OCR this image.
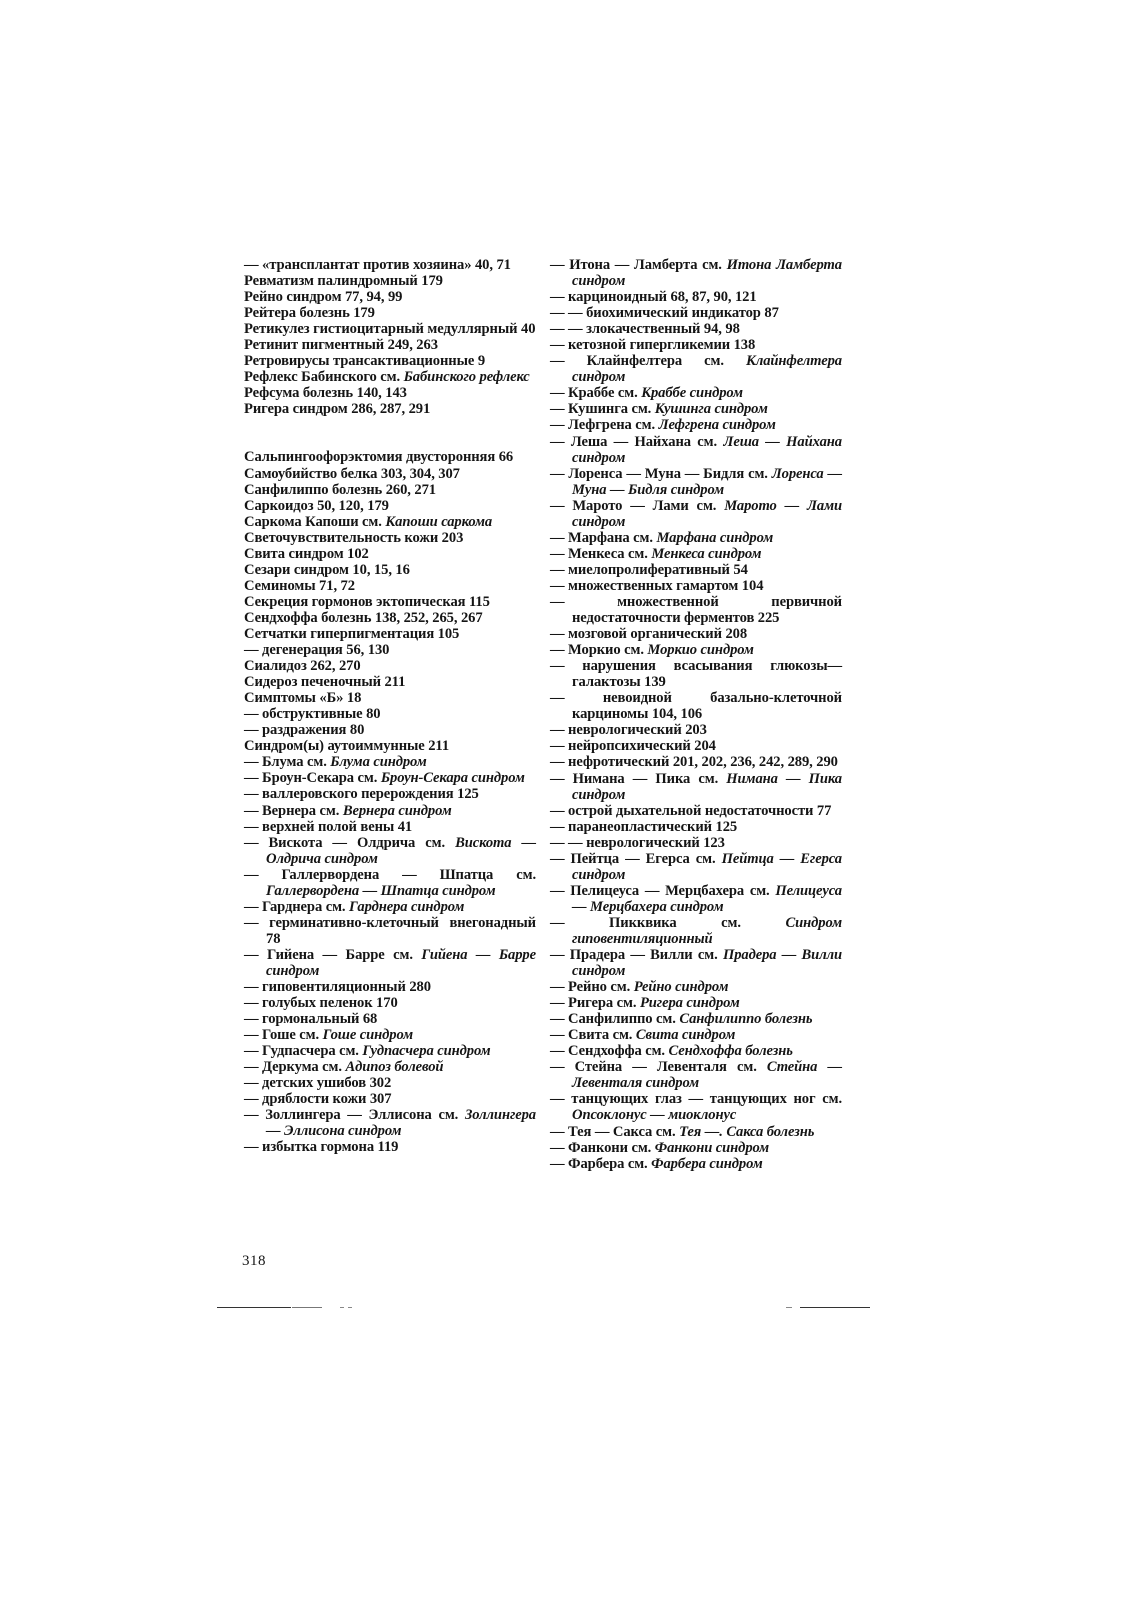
— «трансплантат против хозяина» 40, 71
Ревматизм палиндромный 179
Рейно синдром 77, 94, 99
Рейтера болезнь 179
Ретикулез гистиоцитарный медуллярный 40
Ретинит пигментный 249, 263
Ретровирусы трансактивационные 9
Рефлекс Бабинского см. Бабинского рефлекс
Рефсума болезнь 140, 143
Ригера синдром 286, 287, 291
Сальпингоофорэктомия двусторонняя 66
Самоубийство белка 303, 304, 307
Санфилиппо болезнь 260, 271
Саркоидоз 50, 120, 179
Саркома Капоши см. Капоши саркома
Светочувствительность кожи 203
Свита синдром 102
Сезари синдром 10, 15, 16
Семиномы 71, 72
Секреция гормонов эктопическая 115
Сендхоффа болезнь 138, 252, 265, 267
Сетчатки гиперпигментация 105
— дегенерация 56, 130
Сиалидоз 262, 270
Сидероз печеночный 211
Симптомы «Б» 18
— обструктивные 80
— раздражения 80
Синдром(ы) аутоиммунные 211
— Блума см. Блума синдром
— Броун-Секара см. Броун-Секара синдром
— валлеровского перерождения 125
— Вернера см. Вернера синдром
— верхней полой вены 41
— Вискота — Олдрича см. Вискота — Олдрича синдром
— Галлервордена — Шпатца см. Галлервордена — Шпатца синдром
— Гарднера см. Гарднера синдром
— герминативно-клеточный внегонадный 78
— Гийена — Барре см. Гийена — Барре синдром
— гиповентиляционный 280
— голубых пеленок 170
— гормональный 68
— Гоше см. Гоше синдром
— Гудпасчера см. Гудпасчера синдром
— Деркума см. Адипоз болевой
— детских ушибов 302
— дряблости кожи 307
— Золлингера — Эллисона см. Золлингера — Эллисона синдром
— избытка гормона 119
— Итона — Ламберта см. Итона Ламберта синдром
— карциноидный 68, 87, 90, 121
— — биохимический индикатор 87
— — злокачественный 94, 98
— кетозной гипергликемии 138
— Клайнфелтера см. Клайнфелтера синдром
— Краббе см. Краббе синдром
— Кушинга см. Кушинга синдром
— Лефгрена см. Лефгрена синдром
— Леша — Найхана см. Леша — Найхана синдром
— Лоренса — Муна — Бидля см. Лоренса — Муна — Бидля синдром
— Марото — Лами см. Марото — Лами синдром
— Марфана см. Марфана синдром
— Менкеса см. Менкеса синдром
— миелопролиферативный 54
— множественных гамартом 104
— множественной первичной недостаточности ферментов 225
— мозговой органический 208
— Моркио см. Моркио синдром
— нарушения всасывания глюкозы—галактозы 139
— невоидной базально-клеточной карциномы 104, 106
— неврологический 203
— нейропсихический 204
— нефротический 201, 202, 236, 242, 289, 290
— Нимана — Пика см. Нимана — Пика синдром
— острой дыхательной недостаточности 77
— паранеопластический 125
— — неврологический 123
— Пейтца — Егерса см. Пейтца — Егерса синдром
— Пелицеуса — Мерцбахера см. Пелицеуса — Мерцбахера синдром
— Пикквика см. Синдром гиповентиляционный
— Прадера — Вилли см. Прадера — Вилли синдром
— Рейно см. Рейно синдром
— Ригера см. Ригера синдром
— Санфилиппо см. Санфилиппо болезнь
— Свита см. Свита синдром
— Сендхоффа см. Сендхоффа болезнь
— Стейна — Левенталя см. Стейна — Левенталя синдром
— танцующих глаз — танцующих ног см. Опсоклонус — миоклонус
— Тея — Сакса см. Тея —. Сакса болезнь
— Фанкони см. Фанкони синдром
— Фарбера см. Фарбера синдром
318
